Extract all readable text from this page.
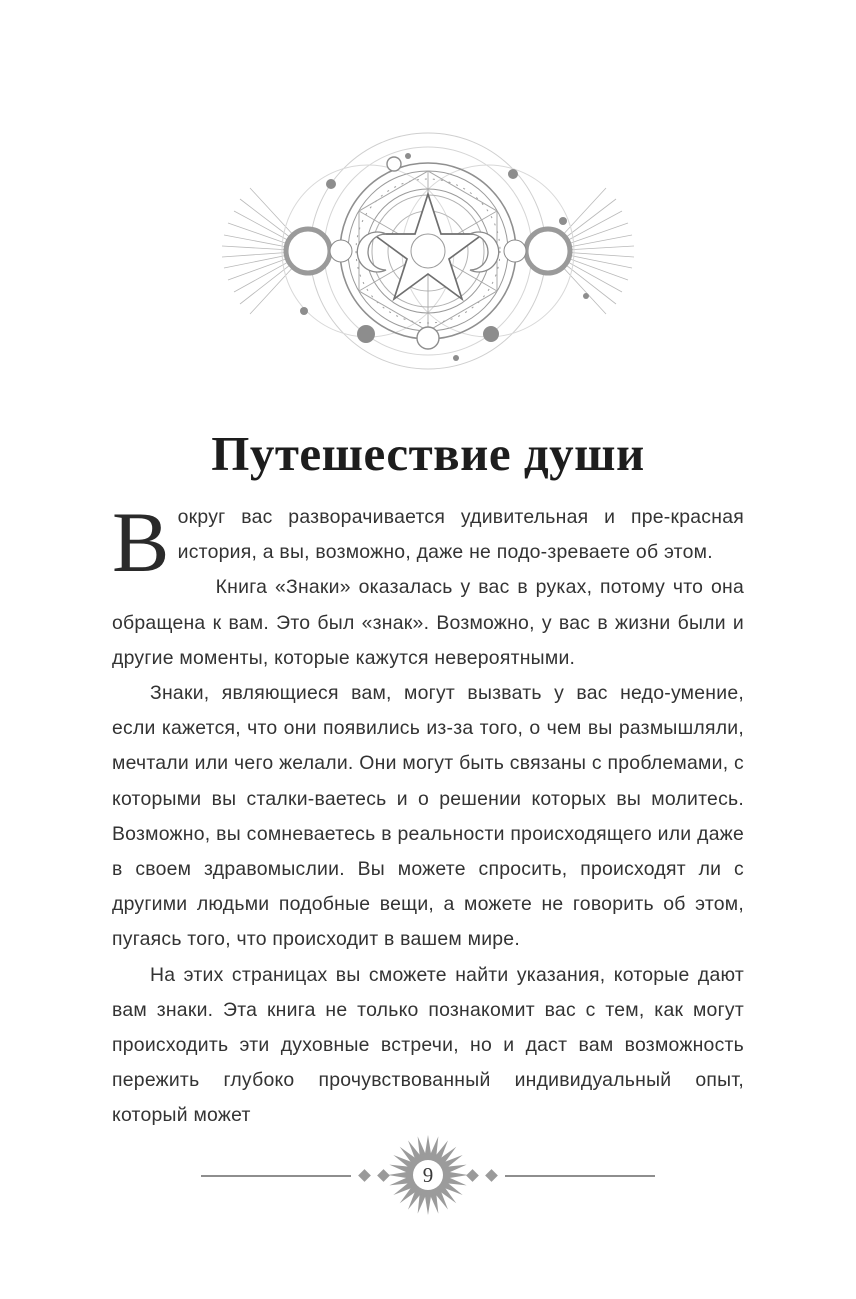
Путешествие души

Вокруг вас разворачивается удивительная и пре-красная история, а вы, возможно, даже не подо-зреваете об этом.

Книга «Знаки» оказалась у вас в руках, потому что она обращена к вам. Это был «знак». Возможно, у вас в жизни были и другие моменты, которые кажутся невероятными.

Знаки, являющиеся вам, могут вызвать у вас недо-умение, если кажется, что они появились из-за того, о чем вы размышляли, мечтали или чего желали. Они могут быть связаны с проблемами, с которыми вы сталки-ваетесь и о решении которых вы молитесь. Возможно, вы сомневаетесь в реальности происходящего или даже в своем здравомыслии. Вы можете спросить, происходят ли с другими людьми подобные вещи, а можете не говорить об этом, пугаясь того, что происходит в вашем мире.

На этих страницах вы сможете найти указания, которые дают вам знаки. Эта книга не только познакомит вас с тем, как могут происходить эти духовные встречи, но и даст вам возможность пережить глубоко прочувствованный индивидуальный опыт, который может

9
